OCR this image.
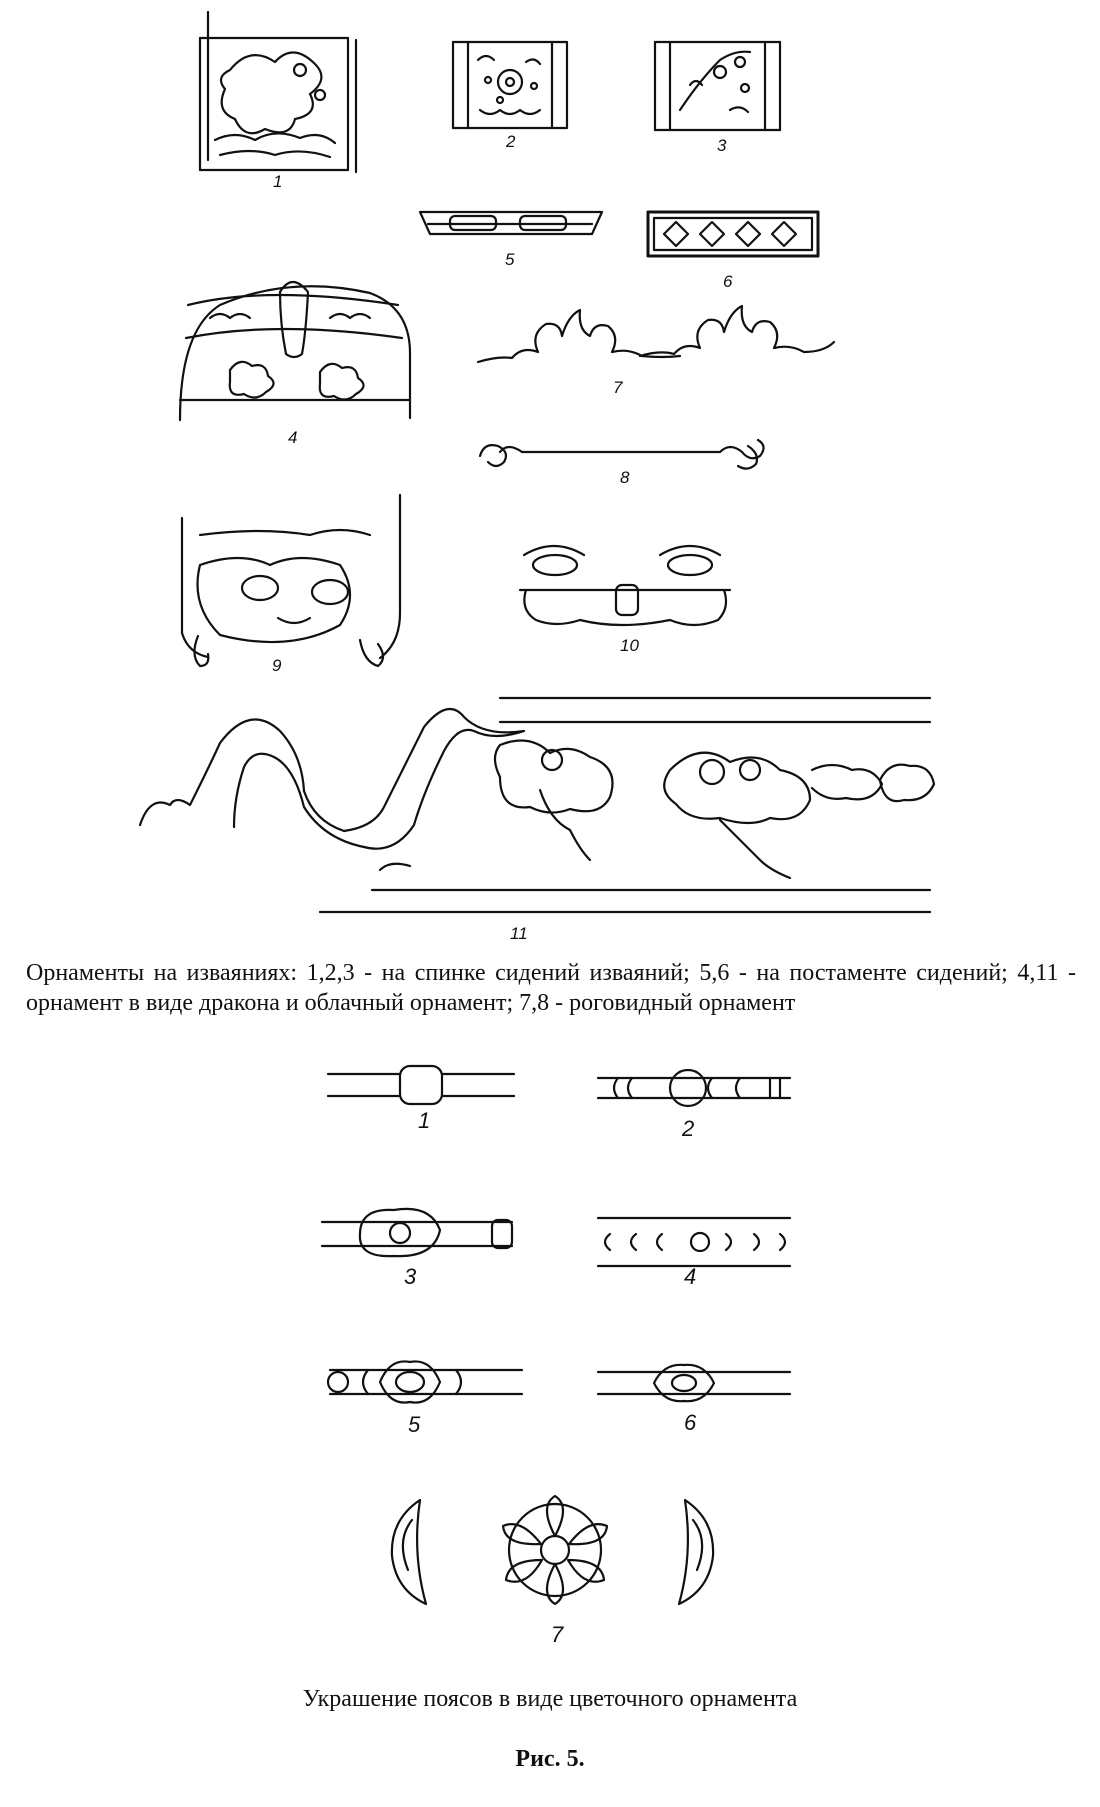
1
2	3
4
5
6
7
8
9
10
11
Орнаменты на изваяниях: 1,2,3 - на спинке сидений изваяний; 5,6 - на постаменте сидений; 4,11 - орнамент в виде дракона и облачный орнамент; 7,8 - роговидный орнамент
1	2
3	4
5	6
7
Украшение поясов в виде цветочного орнамента
Рис. 5.
